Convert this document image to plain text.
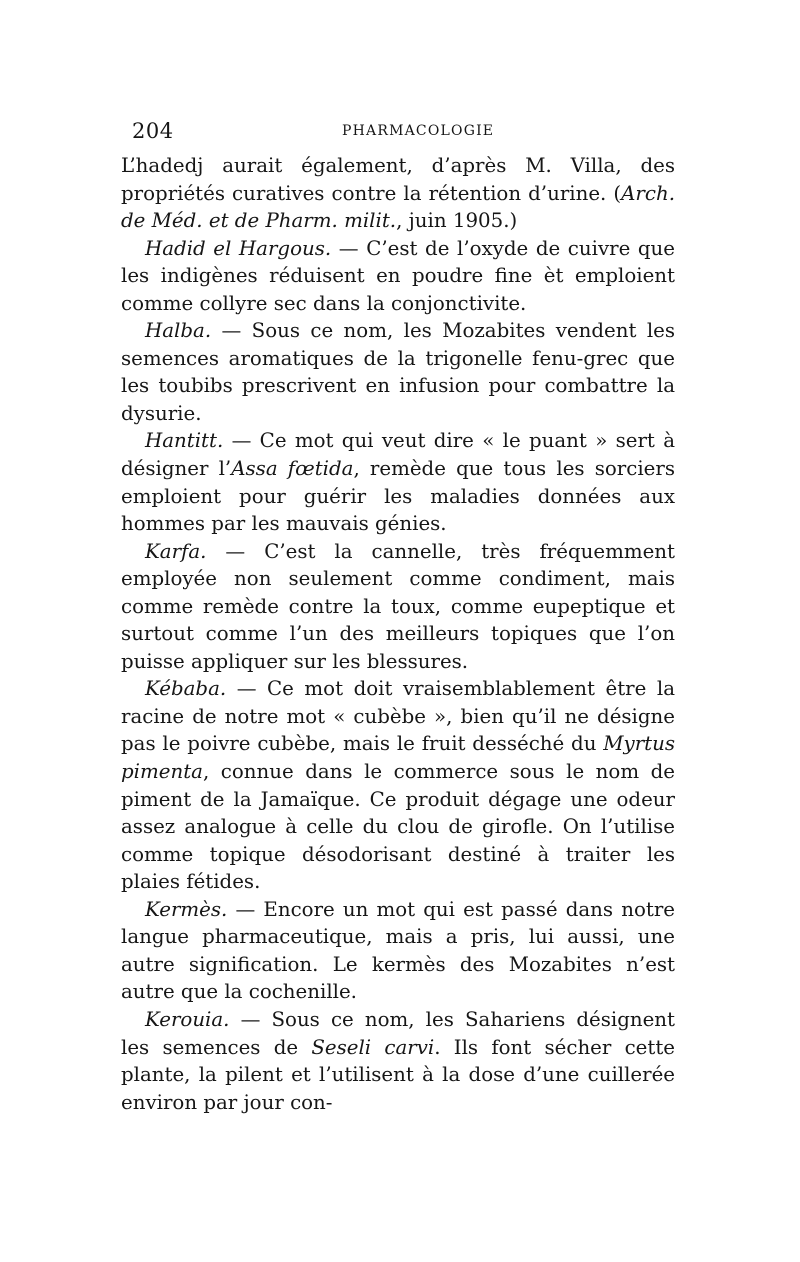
204	PHARMACOLOGIE

L’hadedj aurait également, d’après M. Villa, des propriétés curatives contre la rétention d’urine. (Arch. de Méd. et de Pharm. milit., juin 1905.)

Hadid el Hargous. — C’est de l’oxyde de cuivre que les indigènes réduisent en poudre fine èt emploient comme collyre sec dans la conjonctivite.

Halba. — Sous ce nom, les Mozabites vendent les semences aromatiques de la trigonelle fenu-grec que les toubibs prescrivent en infusion pour combattre la dysurie.

Hantitt. — Ce mot qui veut dire « le puant » sert à désigner l’Assa fœtida, remède que tous les sorciers emploient pour guérir les maladies données aux hommes par les mauvais génies.

Karfa. — C’est la cannelle, très fréquemment employée non seulement comme condiment, mais comme remède contre la toux, comme eupeptique et surtout comme l’un des meilleurs topiques que l’on puisse appliquer sur les blessures.

Kébaba. — Ce mot doit vraisemblablement être la racine de notre mot « cubèbe », bien qu’il ne désigne pas le poivre cubèbe, mais le fruit desséché du Myrtus pimenta, connue dans le commerce sous le nom de piment de la Jamaïque. Ce produit dégage une odeur assez analogue à celle du clou de girofle. On l’utilise comme topique désodorisant destiné à traiter les plaies fétides.

Kermès. — Encore un mot qui est passé dans notre langue pharmaceutique, mais a pris, lui aussi, une autre signification. Le kermès des Mozabites n’est autre que la cochenille.

Kerouia. — Sous ce nom, les Sahariens désignent les semences de Seseli carvi. Ils font sécher cette plante, la pilent et l’utilisent à la dose d’une cuillerée environ par jour con-
